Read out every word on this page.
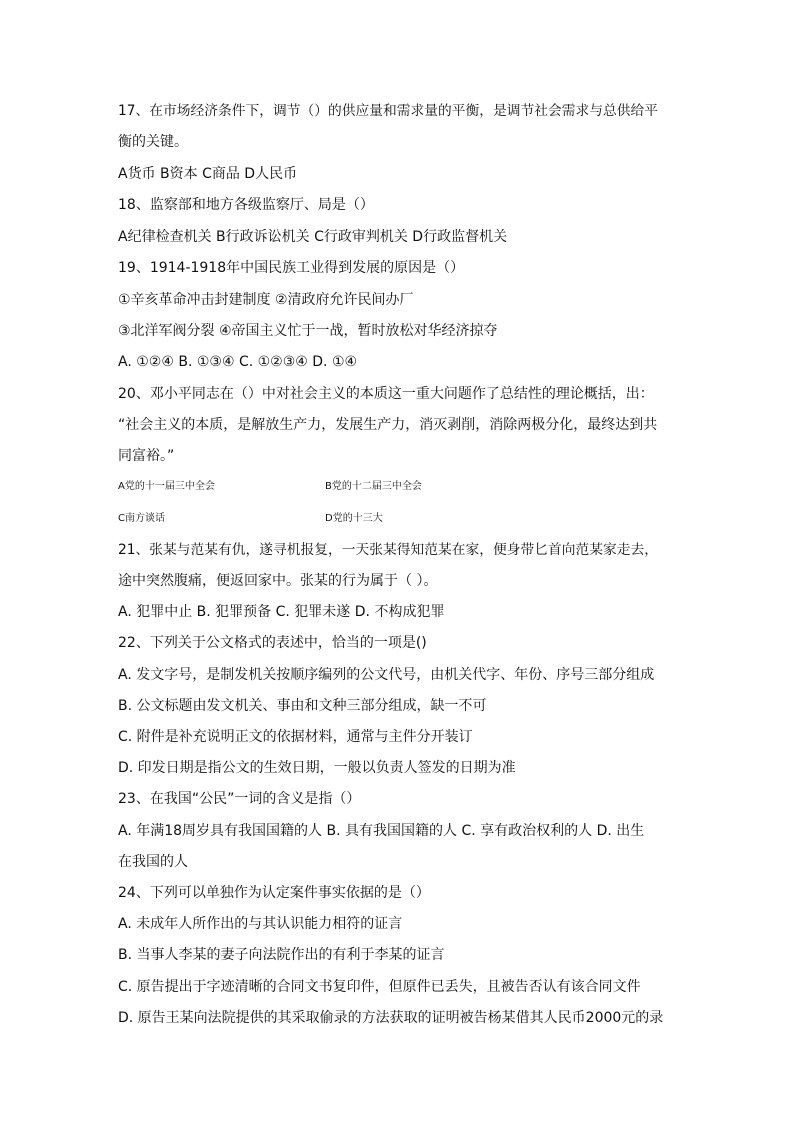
17、在市场经济条件下，调节（）的供应量和需求量的平衡，是调节社会需求与总供给平
衡的关键。
A货币 B资本 C商品 D人民币
18、监察部和地方各级监察厅、局是（）
A纪律检查机关 B行政诉讼机关 C行政审判机关 D行政监督机关
19、1914-1918年中国民族工业得到发展的原因是（）
①辛亥革命冲击封建制度 ②清政府允许民间办厂
③北洋军阀分裂 ④帝国主义忙于一战，暂时放松对华经济掠夺
A. ①②④ B. ①③④ C. ①②③④ D. ①④
20、邓小平同志在（）中对社会主义的本质这一重大问题作了总结性的理论概括，出：
“社会主义的本质，是解放生产力，发展生产力，消灭剥削，消除两极分化，最终达到共
同富裕。”
A党的十一届三中全会	B党的十二届三中全会
C南方谈话	D党的十三大
21、张某与范某有仇，遂寻机报复，一天张某得知范某在家，便身带匕首向范某家走去，
途中突然腹痛，便返回家中。张某的行为属于（ ）。
A. 犯罪中止 B. 犯罪预备 C. 犯罪未遂 D. 不构成犯罪
22、下列关于公文格式的表述中，恰当的一项是()
A. 发文字号，是制发机关按顺序编列的公文代号，由机关代字、年份、序号三部分组成
B. 公文标题由发文机关、事由和文种三部分组成，缺一不可
C. 附件是补充说明正文的依据材料，通常与主件分开装订
D. 印发日期是指公文的生效日期，一般以负责人签发的日期为准
23、在我国“公民”一词的含义是指（）
A. 年满18周岁具有我国国籍的人 B. 具有我国国籍的人 C. 享有政治权利的人 D. 出生
在我国的人
24、下列可以单独作为认定案件事实依据的是（）
A. 未成年人所作出的与其认识能力相符的证言
B. 当事人李某的妻子向法院作出的有利于李某的证言
C. 原告提出于字迹清晰的合同文书复印件，但原件已丢失，且被告否认有该合同文件
D. 原告王某向法院提供的其采取偷录的方法获取的证明被告杨某借其人民币2000元的录
